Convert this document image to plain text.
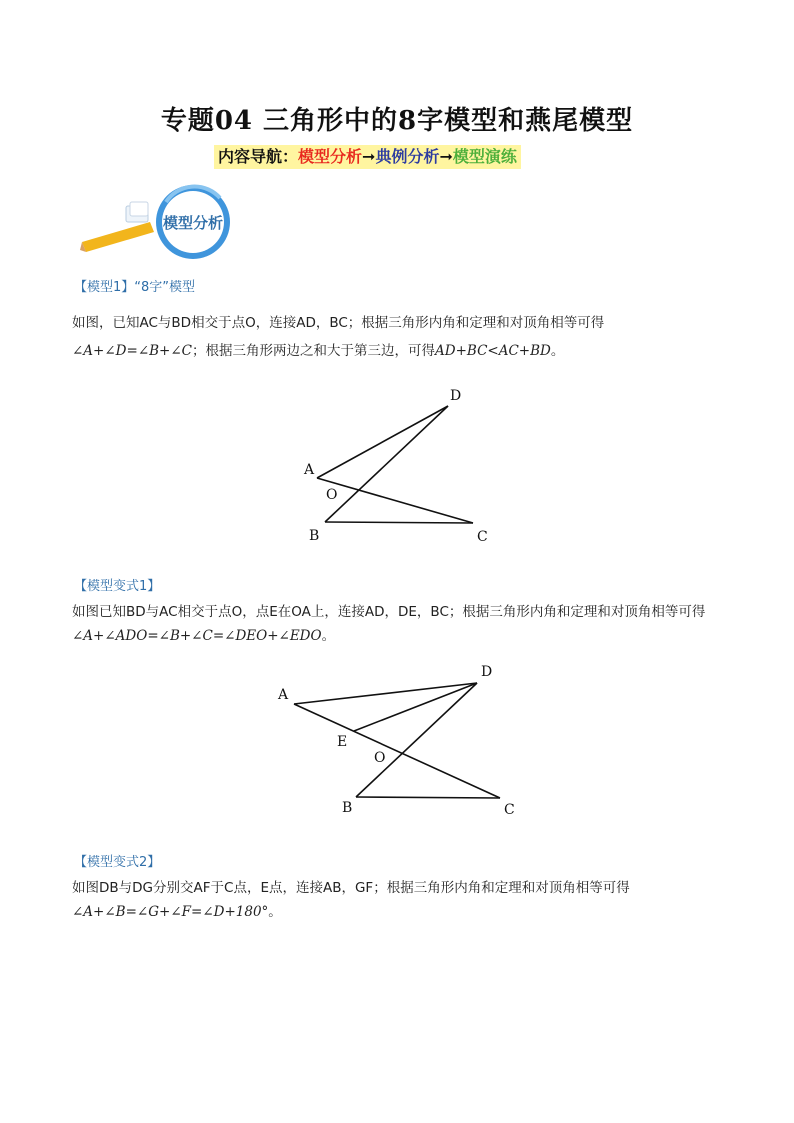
专题04 三角形中的8字模型和燕尾模型
内容导航：模型分析➞典例分析➞模型演练
模型分析
【模型1】“8字”模型
如图，已知AC与BD相交于点O，连接AD，BC；根据三角形内角和定理和对顶角相等可得
∠A+∠D=∠B+∠C；根据三角形两边之和大于第三边，可得AD+BC<AC+BD。
D
A
O
B	C
【模型变式1】
如图已知BD与AC相交于点O，点E在OA上，连接AD，DE，BC；根据三角形内角和定理和对顶角相等可得
∠A+∠ADO=∠B+∠C=∠DEO+∠EDO。
D
A
E
O
B	C
【模型变式2】
如图DB与DG分别交AF于C点，E点，连接AB，GF；根据三角形内角和定理和对顶角相等可得
∠A+∠B=∠G+∠F=∠D+180°。
